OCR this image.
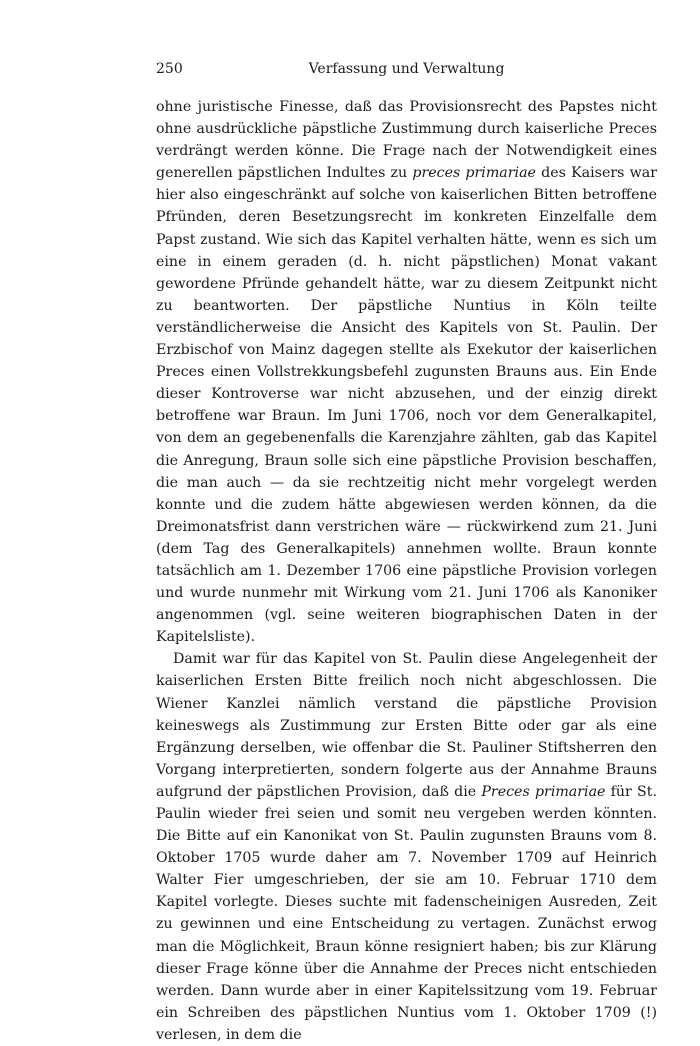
250	Verfassung und Verwaltung

ohne juristische Finesse, daß das Provisionsrecht des Papstes nicht ohne ausdrückliche päpstliche Zustimmung durch kaiserliche Preces verdrängt werden könne. Die Frage nach der Notwendigkeit eines generellen päpstlichen Indultes zu preces primariae des Kaisers war hier also eingeschränkt auf solche von kaiserlichen Bitten betroffene Pfründen, deren Besetzungsrecht im konkreten Einzelfalle dem Papst zustand. Wie sich das Kapitel verhalten hätte, wenn es sich um eine in einem geraden (d. h. nicht päpstlichen) Monat vakant gewordene Pfründe gehandelt hätte, war zu diesem Zeitpunkt nicht zu beantworten. Der päpstliche Nuntius in Köln teilte verständlicherweise die Ansicht des Kapitels von St. Paulin. Der Erzbischof von Mainz dagegen stellte als Exekutor der kaiserlichen Preces einen Vollstrekkungsbefehl zugunsten Brauns aus. Ein Ende dieser Kontroverse war nicht abzusehen, und der einzig direkt betroffene war Braun. Im Juni 1706, noch vor dem Generalkapitel, von dem an gegebenenfalls die Karenzjahre zählten, gab das Kapitel die Anregung, Braun solle sich eine päpstliche Provision beschaffen, die man auch — da sie rechtzeitig nicht mehr vorgelegt werden konnte und die zudem hätte abgewiesen werden können, da die Dreimonatsfrist dann verstrichen wäre — rückwirkend zum 21. Juni (dem Tag des Generalkapitels) annehmen wollte. Braun konnte tatsächlich am 1. Dezember 1706 eine päpstliche Provision vorlegen und wurde nunmehr mit Wirkung vom 21. Juni 1706 als Kanoniker angenommen (vgl. seine weiteren biographischen Daten in der Kapitelsliste).

Damit war für das Kapitel von St. Paulin diese Angelegenheit der kaiserlichen Ersten Bitte freilich noch nicht abgeschlossen. Die Wiener Kanzlei nämlich verstand die päpstliche Provision keineswegs als Zustimmung zur Ersten Bitte oder gar als eine Ergänzung derselben, wie offenbar die St. Pauliner Stiftsherren den Vorgang interpretierten, sondern folgerte aus der Annahme Brauns aufgrund der päpstlichen Provision, daß die Preces primariae für St. Paulin wieder frei seien und somit neu vergeben werden könnten. Die Bitte auf ein Kanonikat von St. Paulin zugunsten Brauns vom 8. Oktober 1705 wurde daher am 7. November 1709 auf Heinrich Walter Fier umgeschrieben, der sie am 10. Februar 1710 dem Kapitel vorlegte. Dieses suchte mit fadenscheinigen Ausreden, Zeit zu gewinnen und eine Entscheidung zu vertagen. Zunächst erwog man die Möglichkeit, Braun könne resigniert haben; bis zur Klärung dieser Frage könne über die Annahme der Preces nicht entschieden werden. Dann wurde aber in einer Kapitelssitzung vom 19. Februar ein Schreiben des päpstlichen Nuntius vom 1. Oktober 1709 (!) verlesen, in dem die
